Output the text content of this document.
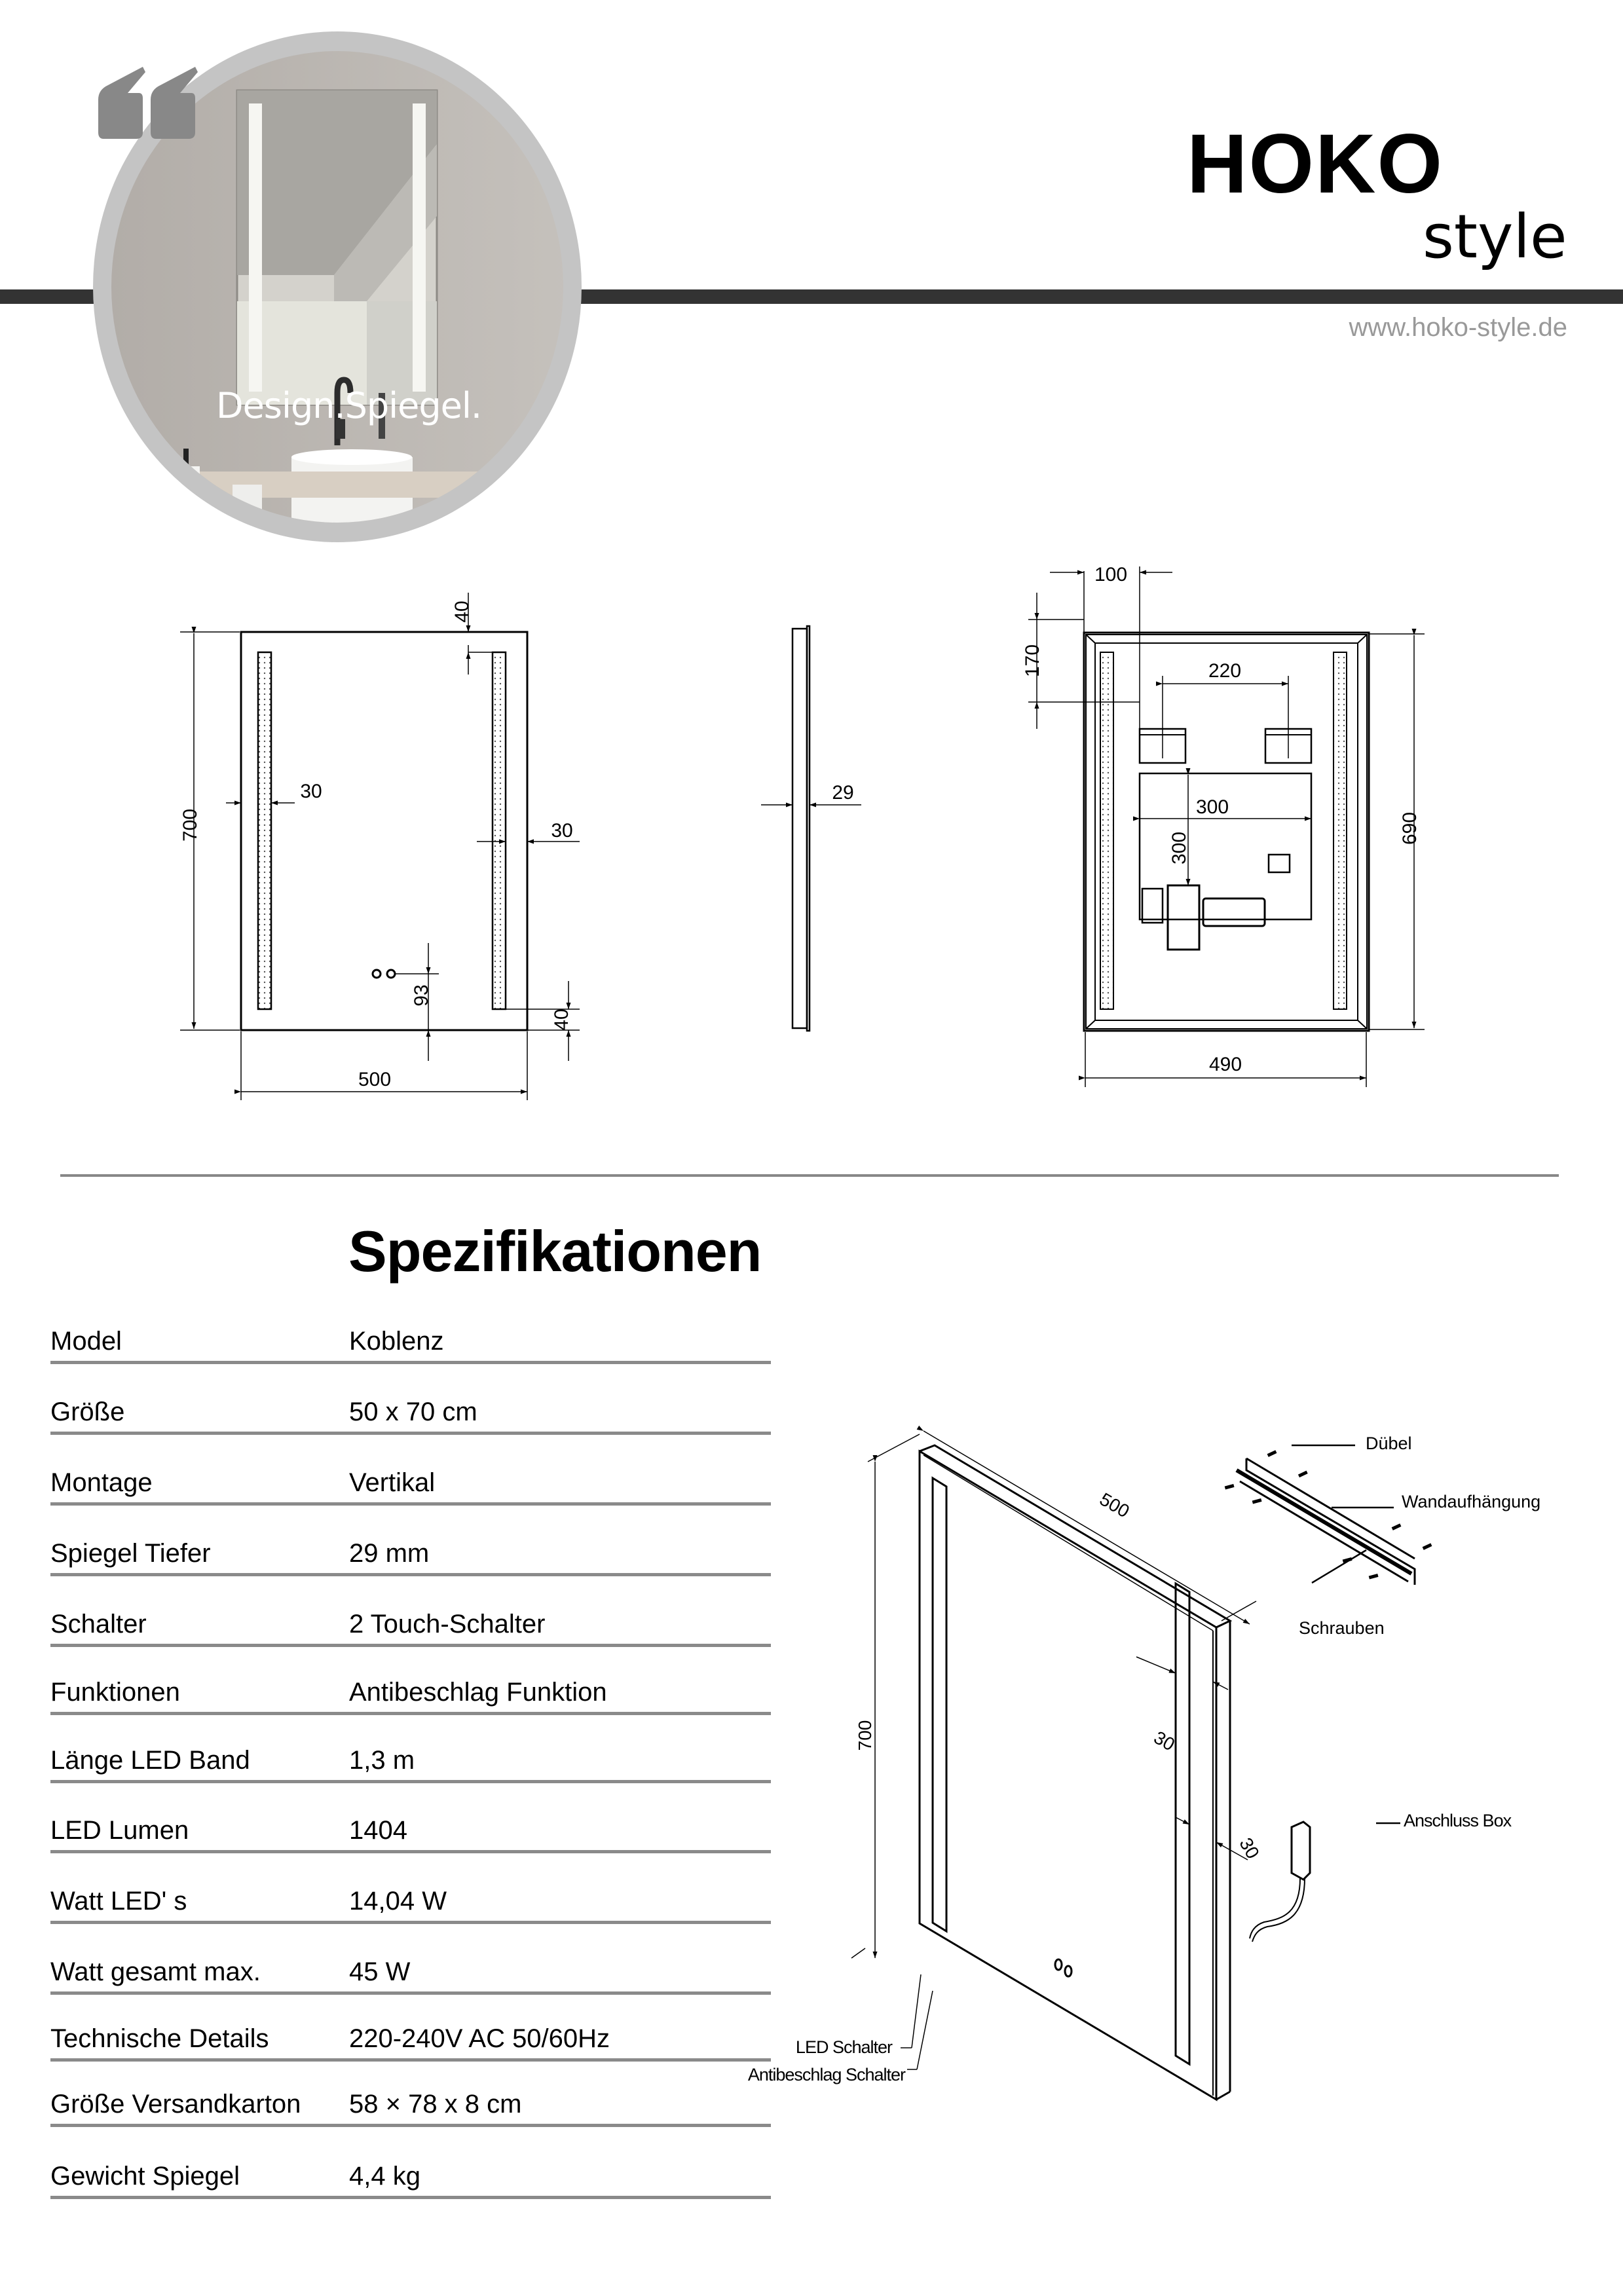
Design.Spiegel.
HOKO
style
www.hoko-style.de
500
700
30
30
40
93
40
29
100
170	220
300
300
690
490
Spezifikationen
Model	Koblenz
Größe	50 x 70 cm
Montage	Vertikal
Spiegel Tiefer	29 mm
Schalter	2 Touch-Schalter
Funktionen	Antibeschlag Funktion
Länge LED Band	1,3 m
LED Lumen	1404
Watt LED' s	14,04 W
Watt gesamt max.	45 W
Technische Details	220-240V AC 50/60Hz
Größe Versandkarton 58 × 78 x 8 cm
Gewicht Spiegel	4,4 kg
500
700	30
30
Dübel
Wandaufhängung
Schrauben
Anschluss Box
LED Schalter
Antibeschlag Schalter
